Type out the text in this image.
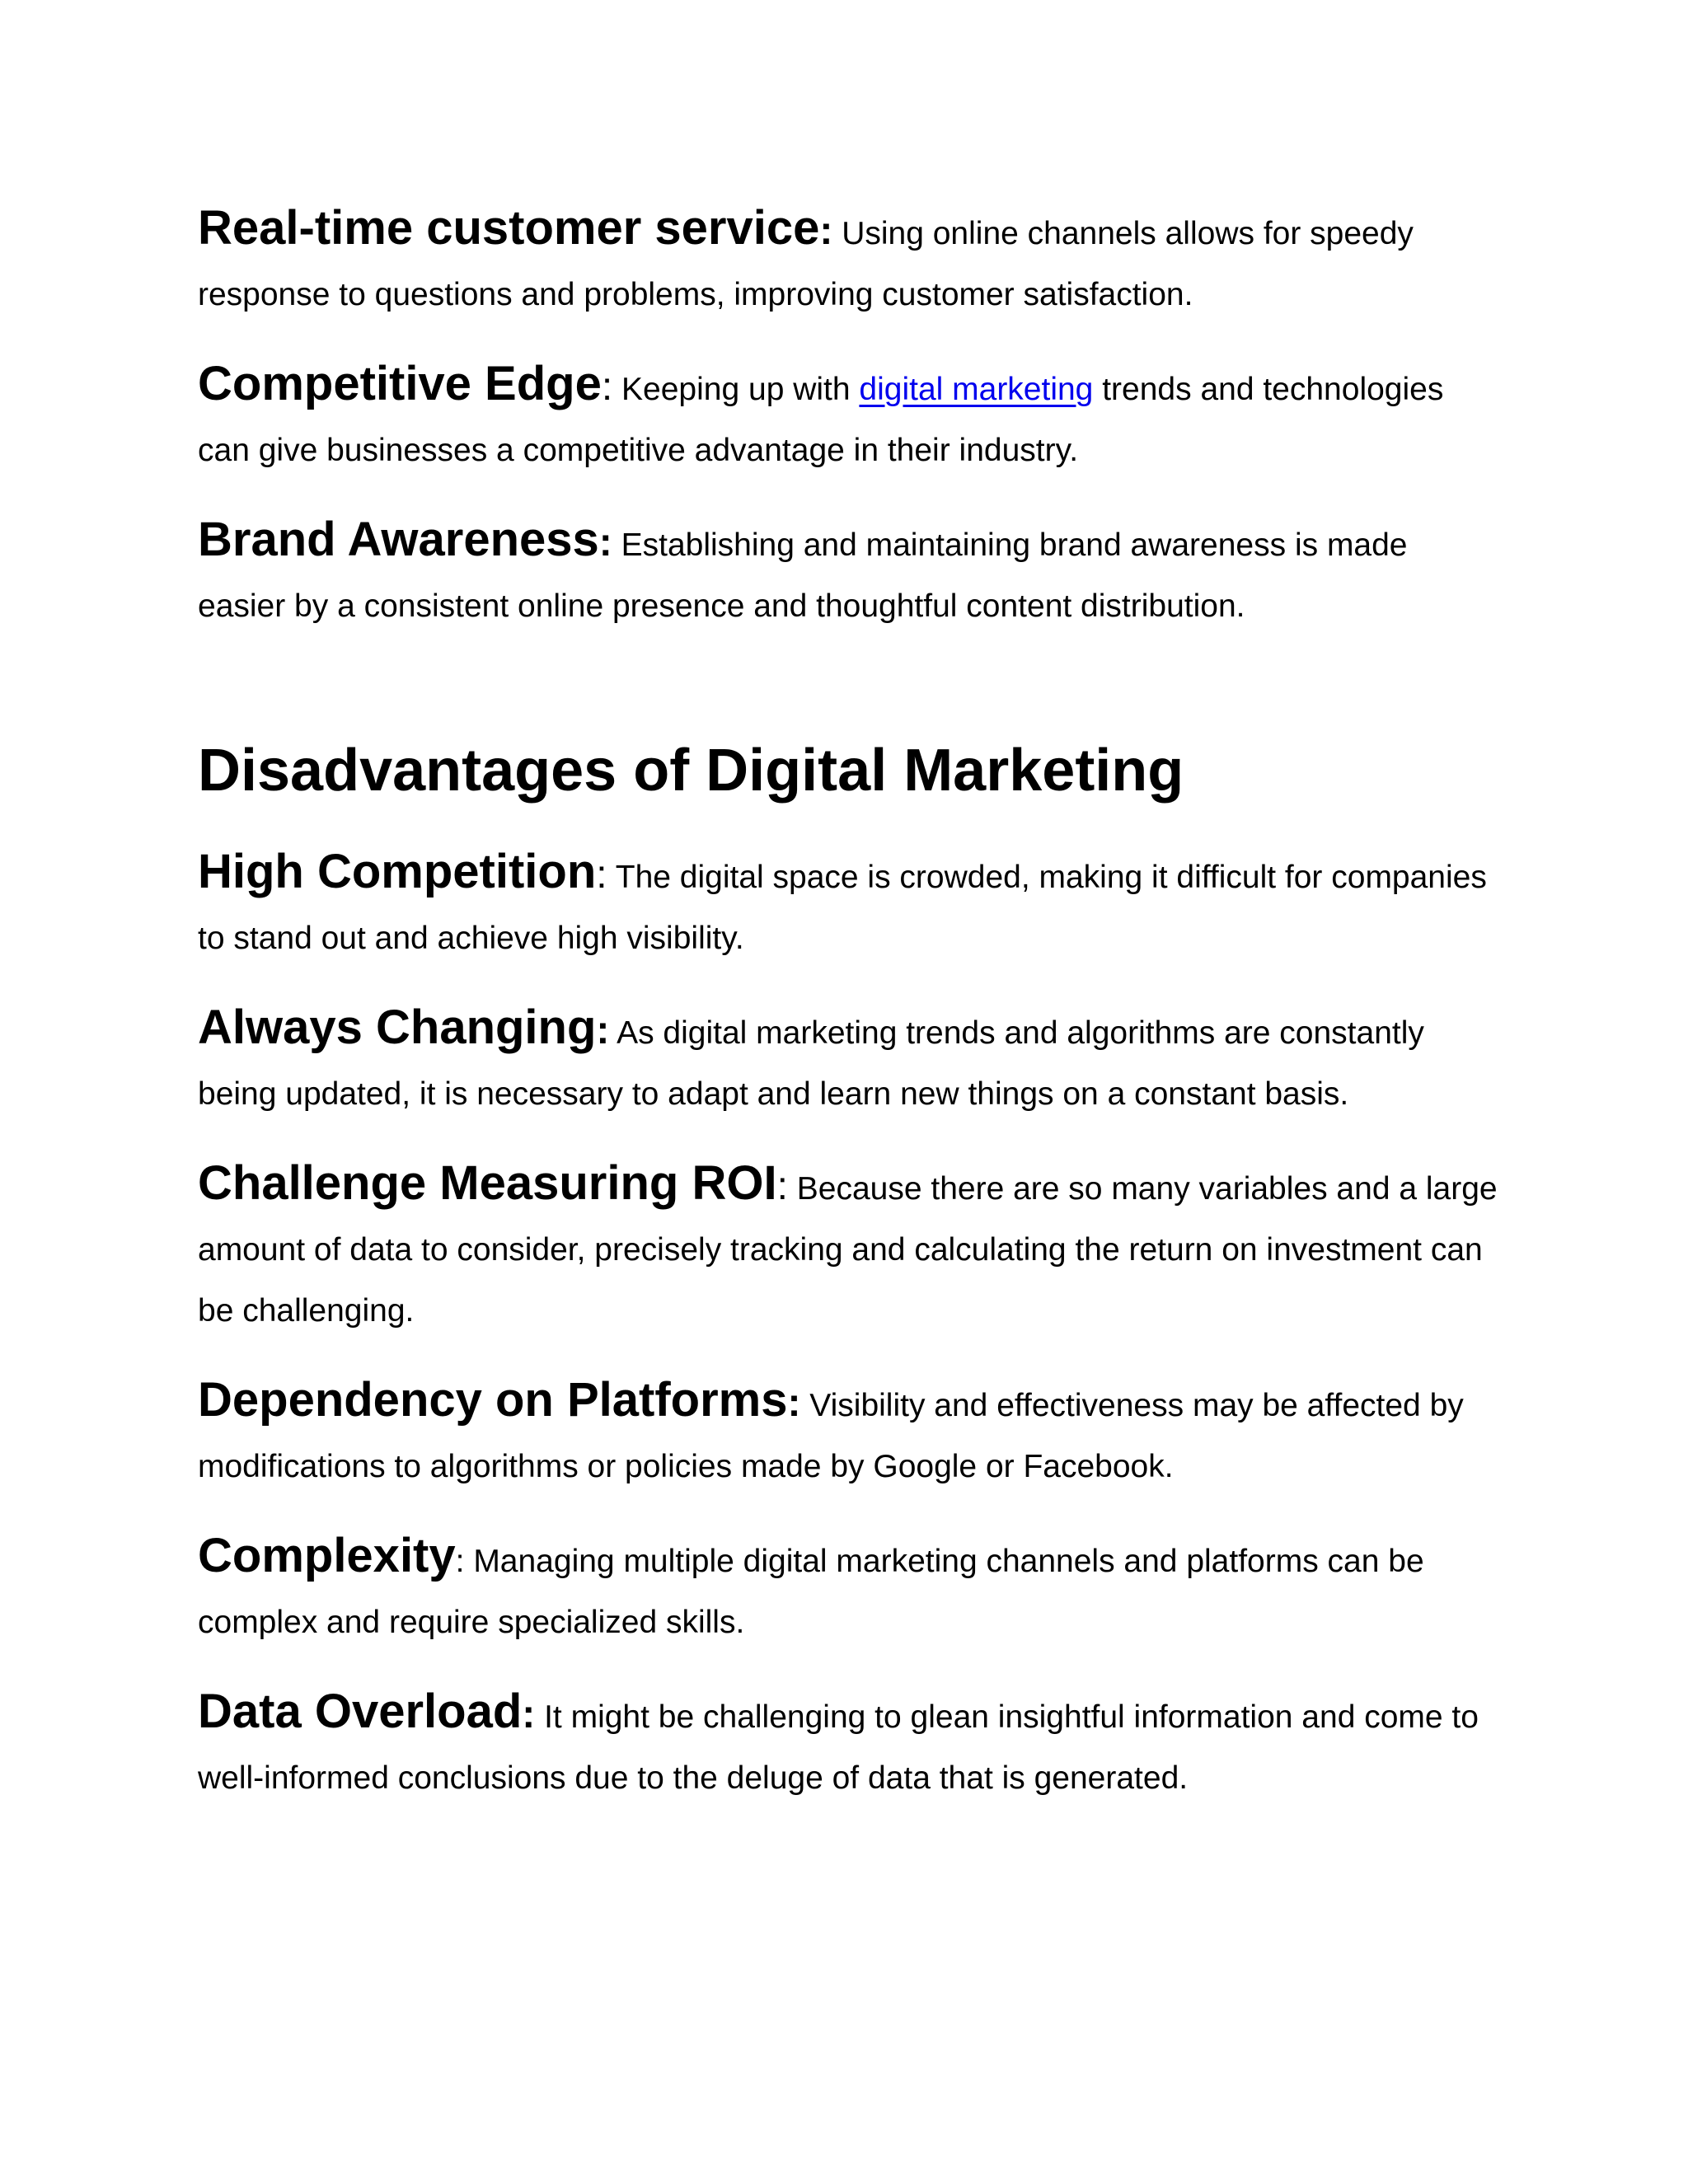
Real-time customer service: Using online channels allows for speedy response to questions and problems, improving customer satisfaction.

Competitive Edge: Keeping up with digital marketing trends and technologies can give businesses a competitive advantage in their industry.

Brand Awareness: Establishing and maintaining brand awareness is made easier by a consistent online presence and thoughtful content distribution.

Disadvantages of Digital Marketing

High Competition: The digital space is crowded, making it difficult for companies to stand out and achieve high visibility.

Always Changing: As digital marketing trends and algorithms are constantly being updated, it is necessary to adapt and learn new things on a constant basis.

Challenge Measuring ROI: Because there are so many variables and a large amount of data to consider, precisely tracking and calculating the return on investment can be challenging.

Dependency on Platforms: Visibility and effectiveness may be affected by modifications to algorithms or policies made by Google or Facebook.

Complexity: Managing multiple digital marketing channels and platforms can be complex and require specialized skills.

Data Overload: It might be challenging to glean insightful information and come to well-informed conclusions due to the deluge of data that is generated.
